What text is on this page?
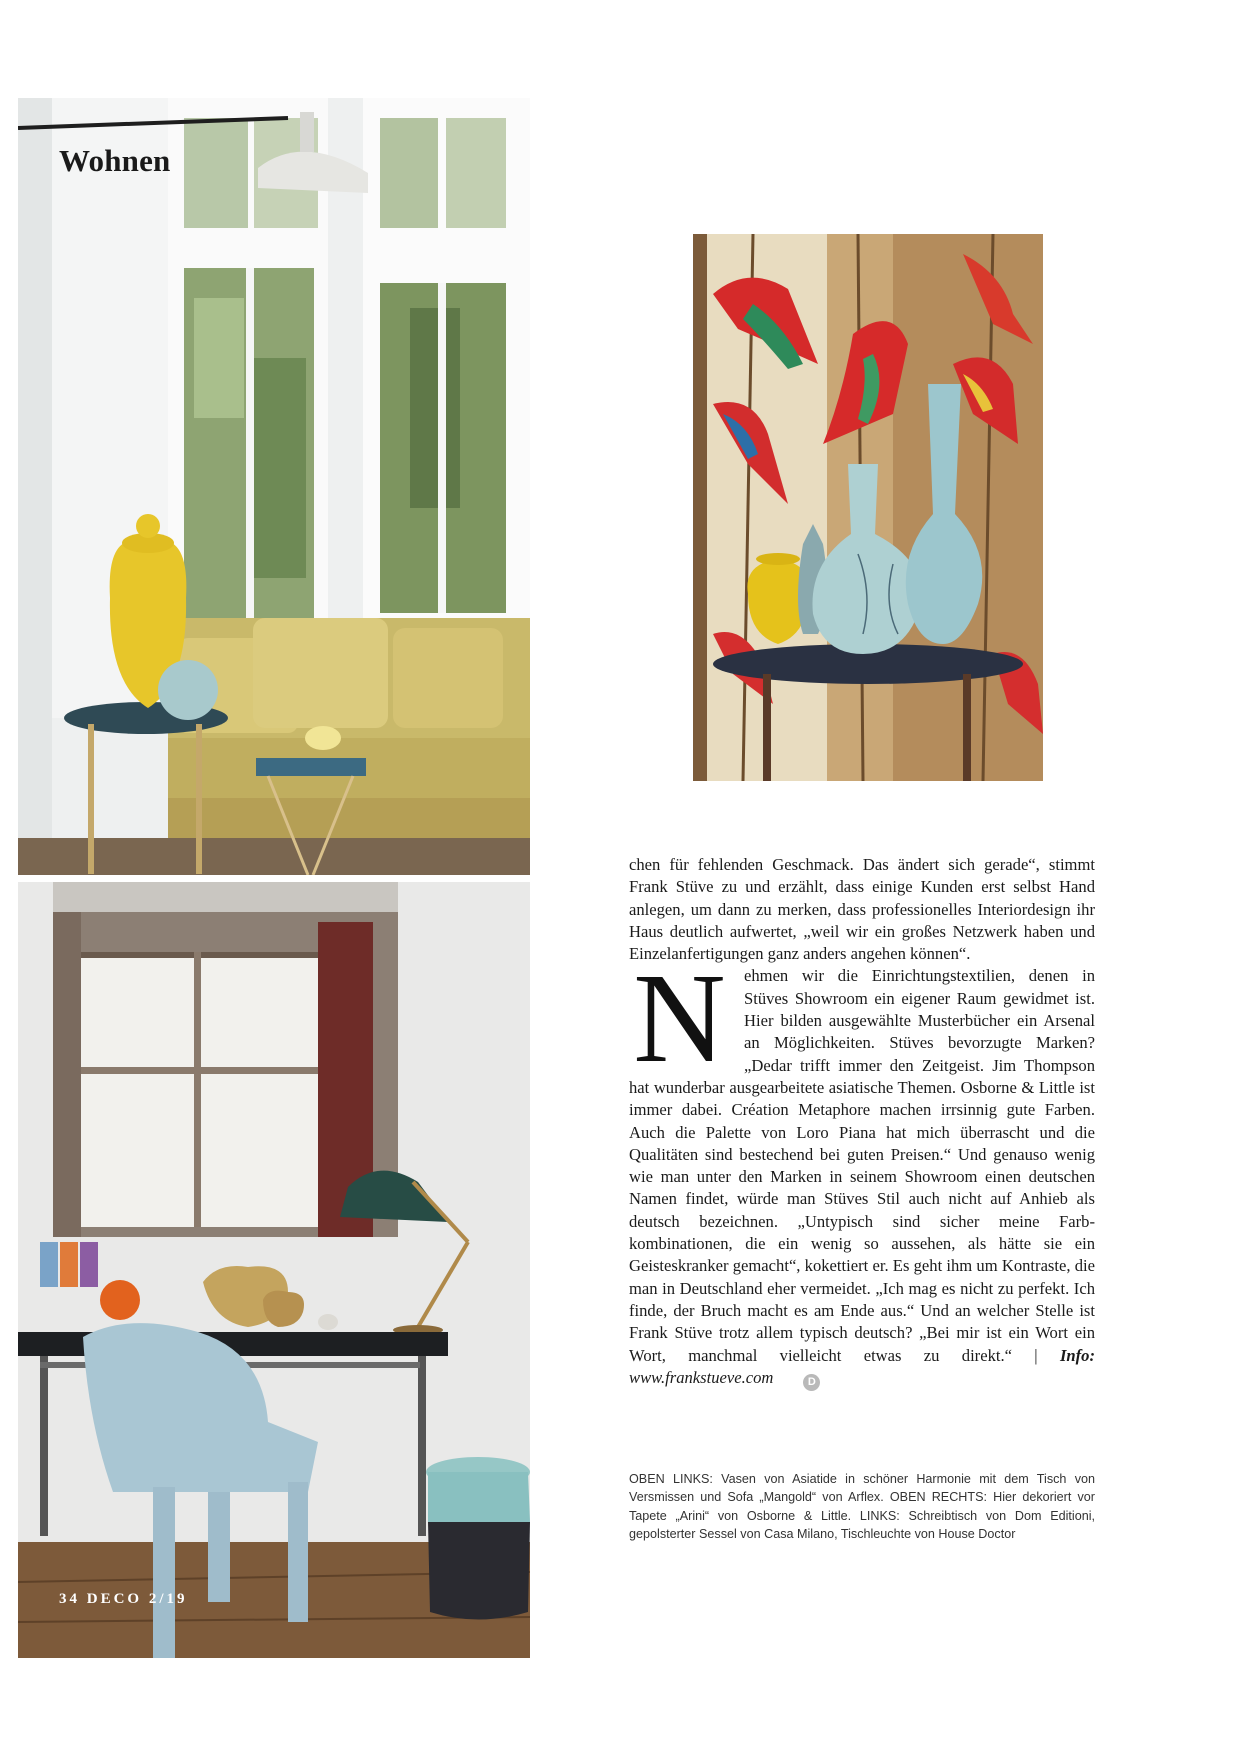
Wohnen
34 DECO 2/19

chen für fehlenden Geschmack. Das ändert sich gerade“, stimmt Frank Stüve zu und erzählt, dass einige Kunden erst selbst Hand anlegen, um dann zu merken, dass professionelles Interiordesign ihr Haus deutlich aufwertet, „weil wir ein großes Netzwerk haben und Einzelanfertigungen ganz anders angehen können“.

N ehmen wir die Einrichtungstextilien, denen in Stüves Showroom ein eigener Raum gewidmet ist. Hier bilden ausgewählte Musterbücher ein Arsenal an Möglichkeiten. Stüves bevorzugte Marken? „Dedar trifft immer den Zeitgeist. Jim Thompson hat wunderbar ausgearbeitete asiatische Themen. Osborne & Little ist immer dabei. Création Metaphore machen irrsinnig gute Farben. Auch die Palette von Loro Piana hat mich überrascht und die Qualitäten sind bestechend bei guten Preisen.“ Und genauso wenig wie man unter den Marken in seinem Showroom einen deutschen Namen findet, würde man Stüves Stil auch nicht auf Anhieb als deutsch bezeichnen. „Untypisch sind sicher meine Farbkombinationen, die ein wenig so aussehen, als hätte sie ein Geisteskranker gemacht“, kokettiert er. Es geht ihm um Kontraste, die man in Deutschland eher vermeidet. „Ich mag es nicht zu perfekt. Ich finde, der Bruch macht es am Ende aus.“ Und an welcher Stelle ist Frank Stüve trotz allem typisch deutsch? „Bei mir ist ein Wort ein Wort, manchmal vielleicht etwas zu direkt.“ | Info: www.frankstueve.com	D

OBEN LINKS: Vasen von Asiatide in schöner Harmonie mit dem Tisch von Versmissen und Sofa „Mangold“ von Arflex. OBEN RECHTS: Hier dekoriert vor Tapete „Arini“ von Osborne & Little. LINKS: Schreibtisch von Dom Editioni, gepolsterter Sessel von Casa Milano, Tischleuchte von House Doctor
